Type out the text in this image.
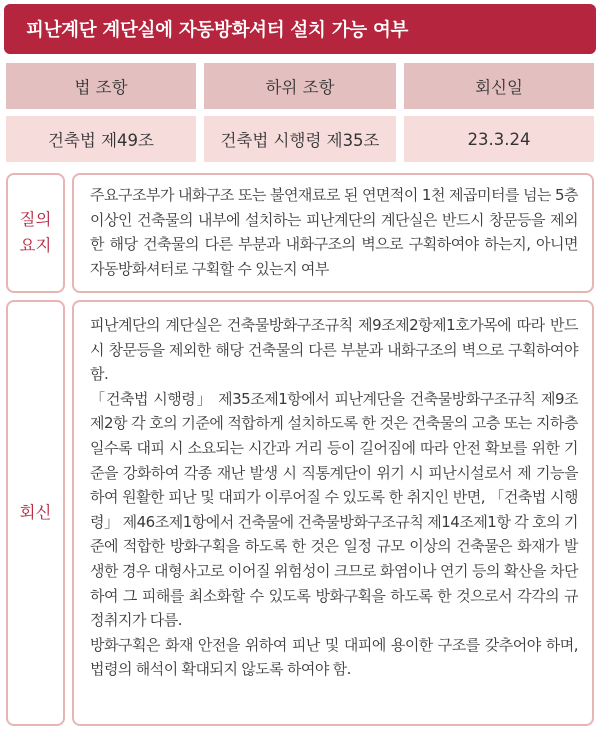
피난계단 계단실에 자동방화셔터 설치 가능 여부
법 조항	하위 조항	회신일
건축법 제49조	건축법 시행령 제35조	23.3.24
질의
요지

주요구조부가 내화구조 또는 불연재료로 된 연면적이 1천 제곱미터를 넘는 5층 이상인 건축물의 내부에 설치하는 피난계단의 계단실은 반드시 창문등을 제외한 해당 건축물의 다른 부분과 내화구조의 벽으로 구획하여야 하는지, 아니면 자동방화셔터로 구획할 수 있는지 여부

회신

피난계단의 계단실은 건축물방화구조규칙 제9조제2항제1호가목에 따라 반드시 창문등을 제외한 해당 건축물의 다른 부분과 내화구조의 벽으로 구획하여야 함.

「건축법 시행령」 제35조제1항에서 피난계단을 건축물방화구조규칙 제9조제2항 각 호의 기준에 적합하게 설치하도록 한 것은 건축물의 고층 또는 지하층일수록 대피 시 소요되는 시간과 거리 등이 길어짐에 따라 안전 확보를 위한 기준을 강화하여 각종 재난 발생 시 직통계단이 위기 시 피난시설로서 제 기능을 하여 원활한 피난 및 대피가 이루어질 수 있도록 한 취지인 반면, 「건축법 시행령」 제46조제1항에서 건축물에 건축물방화구조규칙 제14조제1항 각 호의 기준에 적합한 방화구획을 하도록 한 것은 일정 규모 이상의 건축물은 화재가 발생한 경우 대형사고로 이어질 위험성이 크므로 화염이나 연기 등의 확산을 차단하여 그 피해를 최소화할 수 있도록 방화구획을 하도록 한 것으로서 각각의 규정취지가 다름.

방화구획은 화재 안전을 위하여 피난 및 대피에 용이한 구조를 갖추어야 하며, 법령의 해석이 확대되지 않도록 하여야 함.
